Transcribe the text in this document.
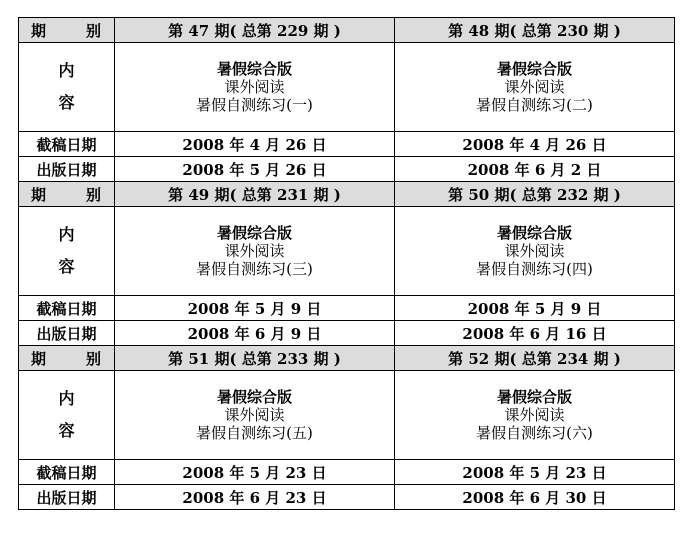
期 别	第 47 期( 总第 229 期 )	第 48 期( 总第 230 期 )

内
容	暑假综合版
课外阅读
暑假自测练习(一)	暑假综合版
课外阅读
暑假自测练习(二)

截稿日期	2008 年 4 月 26 日	2008 年 4 月 26 日
出版日期	2008 年 5 月 26 日	2008 年 6 月 2 日

期 别	第 49 期( 总第 231 期 )	第 50 期( 总第 232 期 )

内
容	暑假综合版
课外阅读
暑假自测练习(三)	暑假综合版
课外阅读
暑假自测练习(四)

截稿日期	2008 年 5 月 9 日	2008 年 5 月 9 日
出版日期	2008 年 6 月 9 日	2008 年 6 月 16 日

期 别	第 51 期( 总第 233 期 )	第 52 期( 总第 234 期 )

内
容	暑假综合版
课外阅读
暑假自测练习(五)	暑假综合版
课外阅读
暑假自测练习(六)

截稿日期	2008 年 5 月 23 日	2008 年 5 月 23 日
出版日期	2008 年 6 月 23 日	2008 年 6 月 30 日
